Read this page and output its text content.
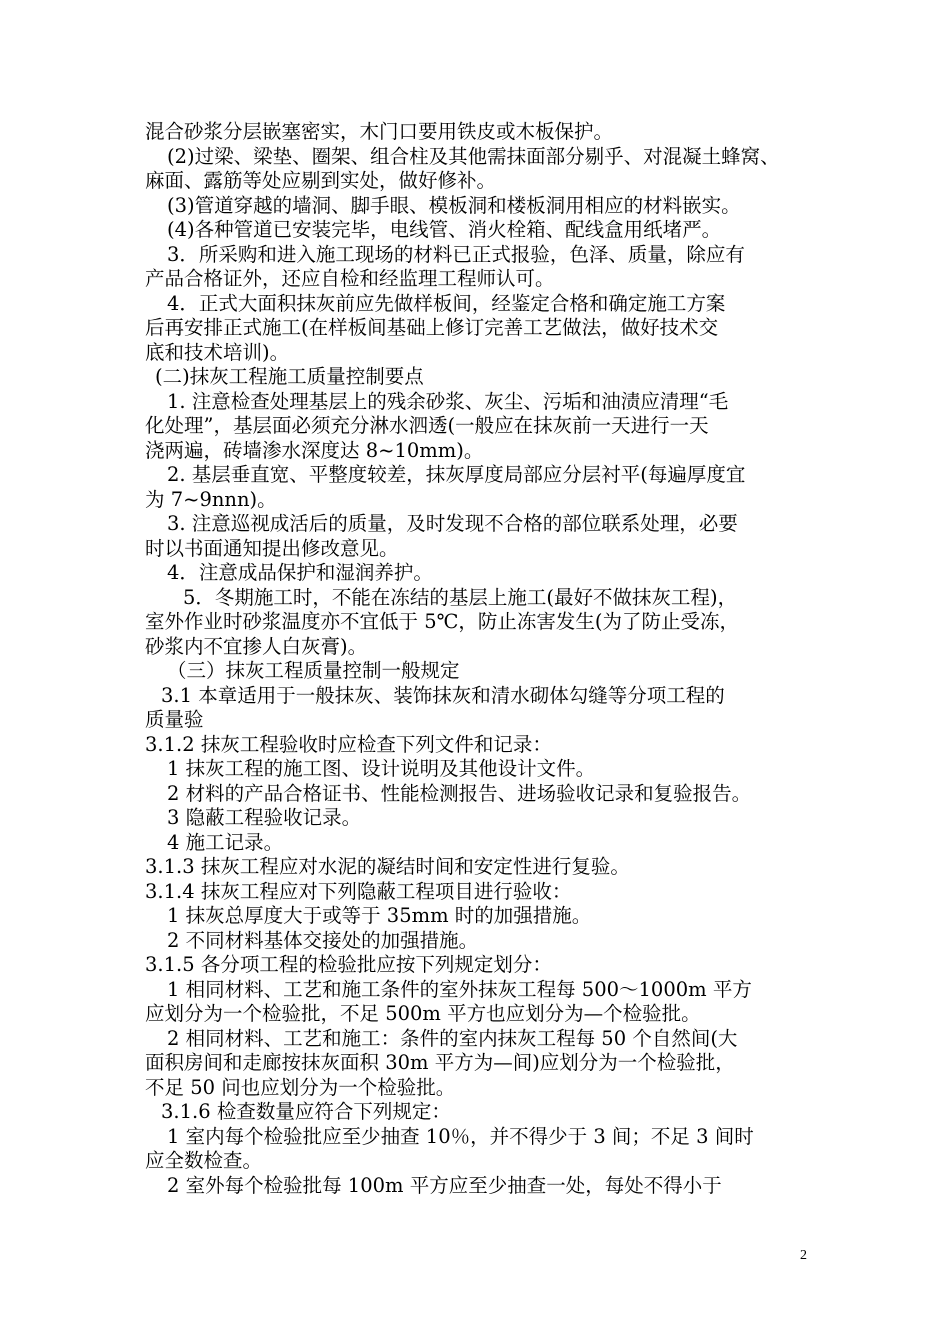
混合砂浆分层嵌塞密实，木门口要用铁皮或木板保护。

(2)过梁、梁垫、圈架、组合柱及其他需抹面部分剔乎、对混凝土蜂窝、

麻面、露筋等处应剔到实处，做好修补。

(3)管道穿越的墙洞、脚手眼、模板洞和楼板洞用相应的材料嵌实。

(4)各种管道已安装完毕，电线管、消火栓箱、配线盒用纸堵严。

3．所采购和进入施工现场的材料已正式报验，色泽、质量，除应有

产品合格证外，还应自检和经监理工程师认可。

4．正式大面积抹灰前应先做样板间，经鉴定合格和确定施工方案

后再安排正式施工(在样板间基础上修订完善工艺做法，做好技术交

底和技术培训)。

(二)抹灰工程施工质量控制要点

1. 注意检查处理基层上的残余砂浆、灰尘、污垢和油渍应清理“毛

化处理”，基层面必须充分淋水泗透(一般应在抹灰前一天进行一天

浇两遍，砖墙渗水深度达 8~10mm)。

2. 基层垂直宽、平整度较差，抹灰厚度局部应分层衬平(每遍厚度宜

为 7~9nnn)。

3. 注意巡视成活后的质量，及时发现不合格的部位联系处理，必要

时以书面通知提出修改意见。

4．注意成品保护和湿润养护。

5．冬期施工时，不能在冻结的基层上施工(最好不做抹灰工程)，

室外作业时砂浆温度亦不宜低于 5℃，防止冻害发生(为了防止受冻，

砂浆内不宜掺人白灰膏)。

（三）抹灰工程质量控制一般规定

3.1 本章适用于一般抹灰、装饰抹灰和清水砌体勾缝等分项工程的

质量验

3.1.2 抹灰工程验收时应检查下列文件和记录：

1 抹灰工程的施工图、设计说明及其他设计文件。

2 材料的产品合格证书、性能检测报告、进场验收记录和复验报告。

3 隐蔽工程验收记录。

4 施工记录。

3.1.3 抹灰工程应对水泥的凝结时间和安定性进行复验。

3.1.4 抹灰工程应对下列隐蔽工程项目进行验收：

1 抹灰总厚度大于或等于 35mm 时的加强措施。

2 不同材料基体交接处的加强措施。

3.1.5 各分项工程的检验批应按下列规定划分：

1 相同材料、工艺和施工条件的室外抹灰工程每 500～1000m 平方

应划分为一个检验批，不足 500m 平方也应划分为—个检验批。

2 相同材料、工艺和施工：条件的室内抹灰工程每 50 个自然间(大

面积房间和走廊按抹灰面积 30m 平方为—间)应划分为一个检验批，

不足 50 问也应划分为一个检验批。

3.1.6 检查数量应符合下列规定：

1 室内每个检验批应至少抽查 10％，并不得少于 3 间；不足 3 间时

应全数检查。

2 室外每个检验批每 100m 平方应至少抽查一处，每处不得小于

2
